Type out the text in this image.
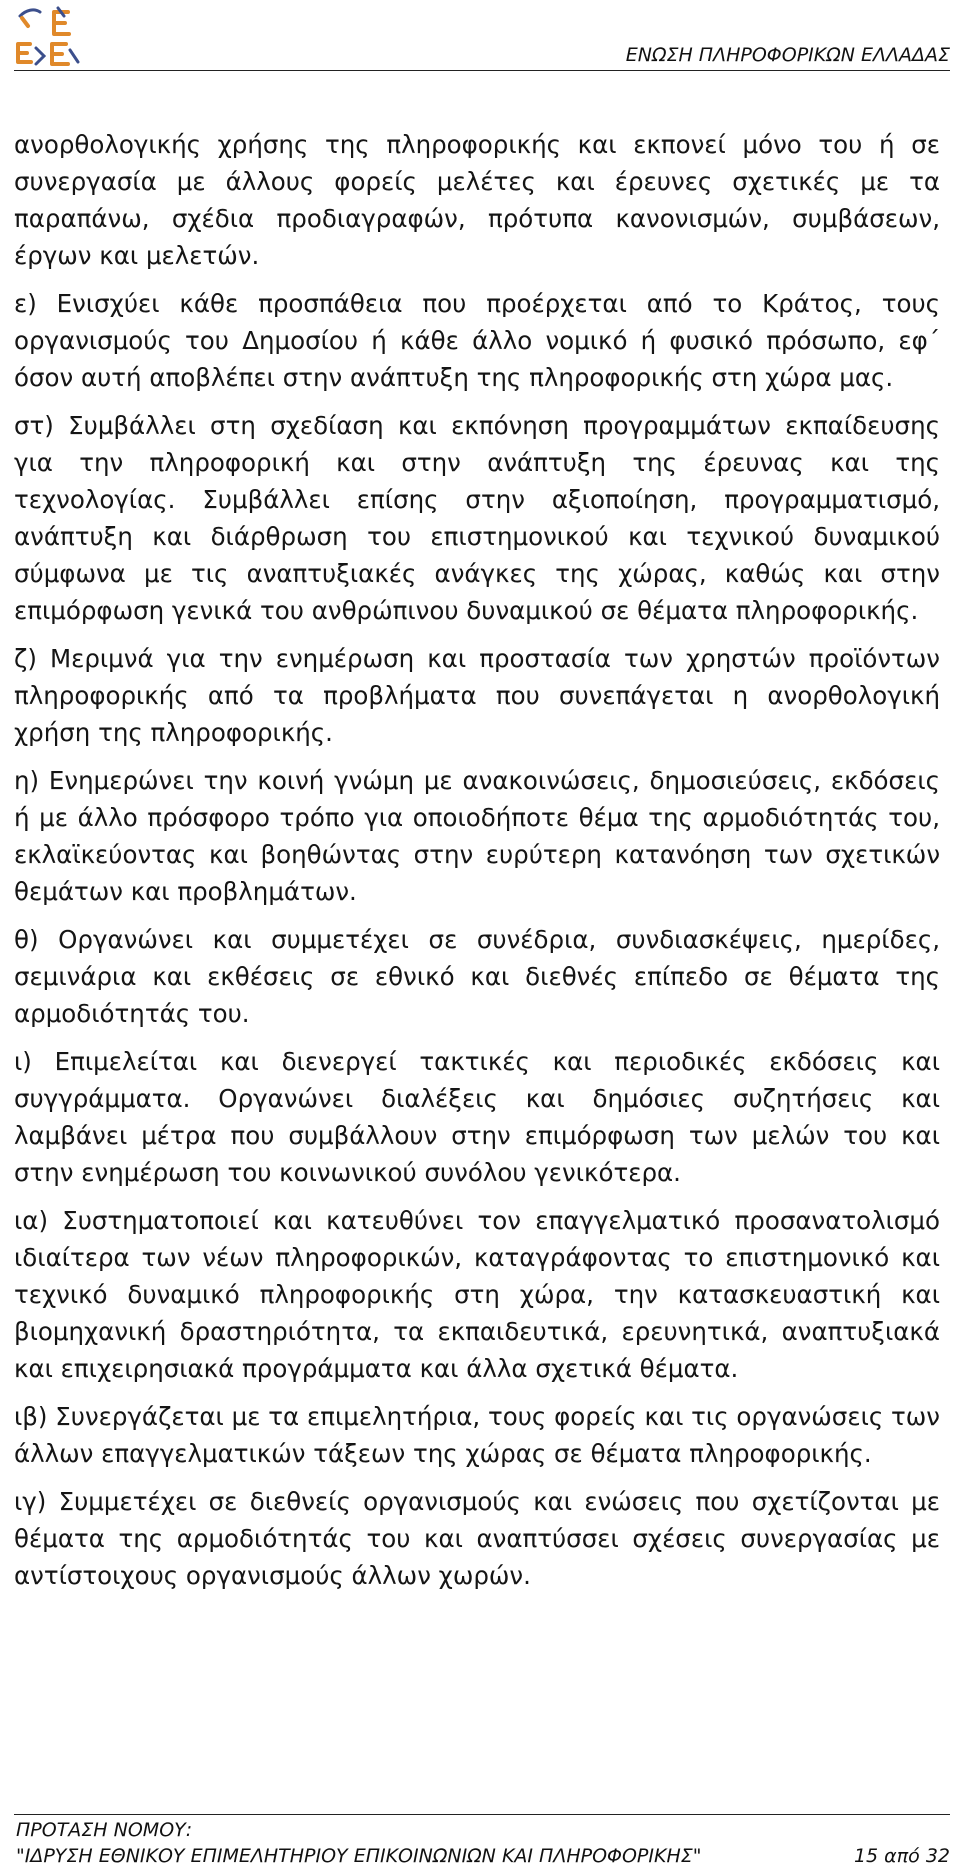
ΕΝΩΣΗ ΠΛΗΡΟΦΟΡΙΚΩΝ ΕΛΛΑΔΑΣ

ανορθολογικής χρήσης της πληροφορικής και εκπονεί μόνο του ή σε συνεργασία με άλλους φορείς μελέτες και έρευνες σχετικές με τα παραπάνω, σχέδια προδιαγραφών, πρότυπα κανονισμών, συμβάσεων, έργων και μελετών.

ε) Ενισχύει κάθε προσπάθεια που προέρχεται από το Κράτος, τους οργανισμούς του Δημοσίου ή κάθε άλλο νομικό ή φυσικό πρόσωπο, εφ΄ όσον αυτή αποβλέπει στην ανάπτυξη της πληροφορικής στη χώρα μας.

στ) Συμβάλλει στη σχεδίαση και εκπόνηση προγραμμάτων εκπαίδευσης για την πληροφορική και στην ανάπτυξη της έρευνας και της τεχνολογίας. Συμβάλλει επίσης στην αξιοποίηση, προγραμματισμό, ανάπτυξη και διάρθρωση του επιστημονικού και τεχνικού δυναμικού σύμφωνα με τις αναπτυξιακές ανάγκες της χώρας, καθώς και στην επιμόρφωση γενικά του ανθρώπινου δυναμικού σε θέματα πληροφορικής.

ζ) Μεριμνά για την ενημέρωση και προστασία των χρηστών προϊόντων πληροφορικής από τα προβλήματα που συνεπάγεται η ανορθολογική χρήση της πληροφορικής.

η) Ενημερώνει την κοινή γνώμη με ανακοινώσεις, δημοσιεύσεις, εκδόσεις ή με άλλο πρόσφορο τρόπο για οποιοδήποτε θέμα της αρμοδιότητάς του, εκλαϊκεύοντας και βοηθώντας στην ευρύτερη κατανόηση των σχετικών θεμάτων και προβλημάτων.

θ) Οργανώνει και συμμετέχει σε συνέδρια, συνδιασκέψεις, ημερίδες, σεμινάρια και εκθέσεις σε εθνικό και διεθνές επίπεδο σε θέματα της αρμοδιότητάς του.

ι) Επιμελείται και διενεργεί τακτικές και περιοδικές εκδόσεις και συγγράμματα. Οργανώνει διαλέξεις και δημόσιες συζητήσεις και λαμβάνει μέτρα που συμβάλλουν στην επιμόρφωση των μελών του και στην ενημέρωση του κοινωνικού συνόλου γενικότερα.

ια) Συστηματοποιεί και κατευθύνει τον επαγγελματικό προσανατολισμό ιδιαίτερα των νέων πληροφορικών, καταγράφοντας το επιστημονικό και τεχνικό δυναμικό πληροφορικής στη χώρα, την κατασκευαστική και βιομηχανική δραστηριότητα, τα εκπαιδευτικά, ερευνητικά, αναπτυξιακά και επιχειρησιακά προγράμματα και άλλα σχετικά θέματα.

ιβ) Συνεργάζεται με τα επιμελητήρια, τους φορείς και τις οργανώσεις των άλλων επαγγελματικών τάξεων της χώρας σε θέματα πληροφορικής.

ιγ) Συμμετέχει σε διεθνείς οργανισμούς και ενώσεις που σχετίζονται με θέματα της αρμοδιότητάς του και αναπτύσσει σχέσεις συνεργασίας με αντίστοιχους οργανισμούς άλλων χωρών.

ΠΡΟΤΑΣΗ ΝΟΜΟΥ:
"ΙΔΡΥΣΗ ΕΘΝΙΚΟΥ ΕΠΙΜΕΛΗΤΗΡΙΟΥ ΕΠΙΚΟΙΝΩΝΙΩΝ ΚΑΙ ΠΛΗΡΟΦΟΡΙΚΗΣ"	15 από 32
